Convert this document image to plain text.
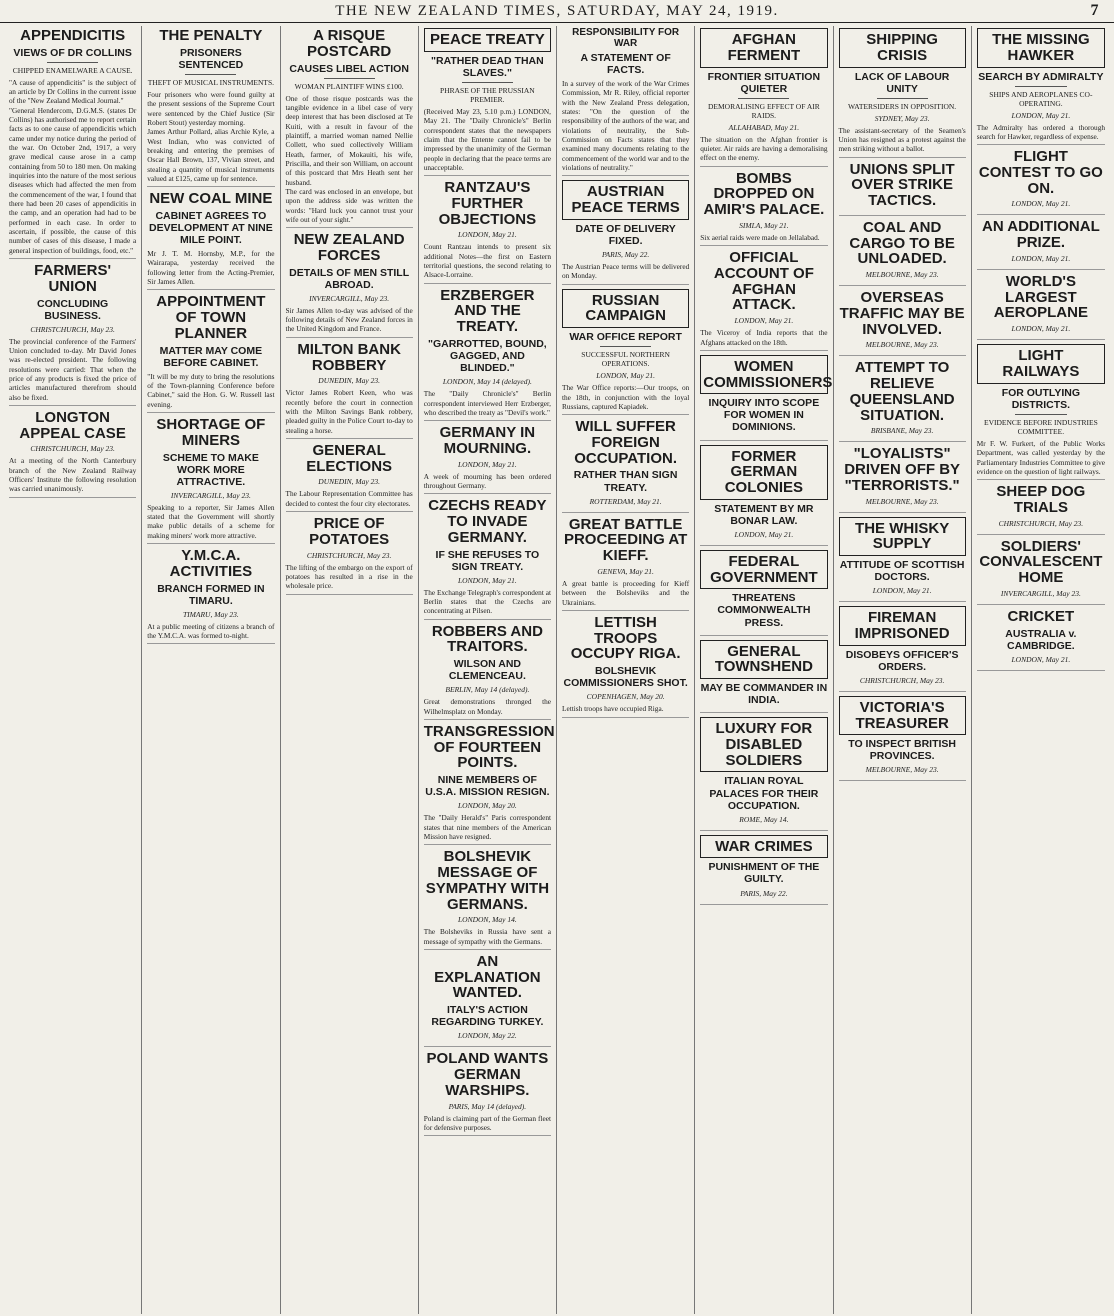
THE NEW ZEALAND TIMES, SATURDAY, MAY 24, 1919.	7
APPENDICITIS
VIEWS OF DR COLLINS
CHIPPED ENAMELWARE A CAUSE.

"A cause of appendicitis" is the subject of an article by Dr Collins in the current issue of the "New Zealand Medical Journal."

"General Hendercom, D.G.M.S. (states Dr Collins) has authorised me to report certain facts as to one cause of appendicitis which came under my notice during the period of the war. On October 2nd, 1917, a very grave medical cause arose in a camp containing from 50 to 180 men. On making inquiries into the nature of the most serious diseases which had affected the men from the commencement of the war, I found that there had been 20 cases of appendicitis in the camp, and an operation had had to be performed in each case. In order to ascertain, if possible, the cause of this number of cases of this disease, I made a general inspection of buildings, food, etc."

FARMERS' UNION
CONCLUDING BUSINESS.
CHRISTCHURCH, May 23.

The provincial conference of the Farmers' Union concluded to-day. Mr David Jones was re-elected president. The following resolutions were carried: That when the price of any products is fixed the price of articles manufactured therefrom should also be fixed.

LONGTON APPEAL CASE
CHRISTCHURCH, May 23.

At a meeting of the North Canterbury branch of the New Zealand Railway Officers' Institute the following resolution was carried unanimously.

THE PENALTY
PRISONERS SENTENCED
THEFT OF MUSICAL INSTRUMENTS.

Four prisoners who were found guilty at the present sessions of the Supreme Court were sentenced by the Chief Justice (Sir Robert Stout) yesterday morning.

James Arthur Pollard, alias Archie Kyle, a West Indian, who was convicted of breaking and entering the premises of Oscar Hall Brown, 137, Vivian street, and stealing a quantity of musical instruments valued at £125, came up for sentence.

NEW COAL MINE
CABINET AGREES TO DEVELOPMENT AT NINE MILE POINT.

Mr J. T. M. Hornsby, M.P., for the Wairarapa, yesterday received the following letter from the Acting-Premier, Sir James Allen.

APPOINTMENT OF TOWN PLANNER
MATTER MAY COME BEFORE CABINET.

"It will be my duty to bring the resolutions of the Town-planning Conference before Cabinet," said the Hon. G. W. Russell last evening.

SHORTAGE OF MINERS
SCHEME TO MAKE WORK MORE ATTRACTIVE.
INVERCARGILL, May 23.

Speaking to a reporter, Sir James Allen stated that the Government will shortly make public details of a scheme for making miners' work more attractive.

Y.M.C.A. ACTIVITIES
BRANCH FORMED IN TIMARU.
TIMARU, May 23.

At a public meeting of citizens a branch of the Y.M.C.A. was formed to-night.

A RISQUE POSTCARD
CAUSES LIBEL ACTION
WOMAN PLAINTIFF WINS £100.

One of those risque postcards was the tangible evidence in a libel case of very deep interest that has been disclosed at Te Kuiti, with a result in favour of the plaintiff, a married woman named Nellie Collett, who sued collectively William Heath, farmer, of Mokauiti, his wife, Priscilla, and their son William, on account of this postcard that Mrs Heath sent her husband.

The card was enclosed in an envelope, but upon the address side was written the words: "Hard luck you cannot trust your wife out of your sight."

NEW ZEALAND FORCES
DETAILS OF MEN STILL ABROAD.
INVERCARGILL, May 23.

Sir James Allen to-day was advised of the following details of New Zealand forces in the United Kingdom and France.

MILTON BANK ROBBERY
DUNEDIN, May 23.

Victor James Robert Keen, who was recently before the court in connection with the Milton Savings Bank robbery, pleaded guilty in the Police Court to-day to stealing a horse.

GENERAL ELECTIONS
DUNEDIN, May 23.

The Labour Representation Committee has decided to contest the four city electorates.

PRICE OF POTATOES
CHRISTCHURCH, May 23.

The lifting of the embargo on the export of potatoes has resulted in a rise in the wholesale price.

PEACE TREATY
"RATHER DEAD THAN SLAVES."
PHRASE OF THE PRUSSIAN PREMIER.

(Received May 23, 5.10 p.m.) LONDON, May 21. The "Daily Chronicle's" Berlin correspondent states that the newspapers claim that the Entente cannot fail to be impressed by the unanimity of the German people in declaring that the peace terms are unacceptable.

RANTZAU'S FURTHER OBJECTIONS
LONDON, May 21.

Count Rantzau intends to present six additional Notes—the first on Eastern territorial questions, the second relating to Alsace-Lorraine.

ERZBERGER AND THE TREATY.
"GARROTTED, BOUND, GAGGED, AND BLINDED."
LONDON, May 14 (delayed).

The "Daily Chronicle's" Berlin correspondent interviewed Herr Erzberger, who described the treaty as "Devil's work."

GERMANY IN MOURNING.
LONDON, May 21.

A week of mourning has been ordered throughout Germany.

CZECHS READY TO INVADE GERMANY.
IF SHE REFUSES TO SIGN TREATY.
LONDON, May 21.

The Exchange Telegraph's correspondent at Berlin states that the Czechs are concentrating at Pilsen.

ROBBERS AND TRAITORS.
WILSON AND CLEMENCEAU.
BERLIN, May 14 (delayed).

Great demonstrations thronged the Wilhelmsplatz on Monday.

TRANSGRESSION OF FOURTEEN POINTS.
NINE MEMBERS OF U.S.A. MISSION RESIGN.
LONDON, May 20.

The "Daily Herald's" Paris correspondent states that nine members of the American Mission have resigned.

BOLSHEVIK MESSAGE OF SYMPATHY WITH GERMANS.
LONDON, May 14.

The Bolsheviks in Russia have sent a message of sympathy with the Germans.

AN EXPLANATION WANTED.
ITALY'S ACTION REGARDING TURKEY.
LONDON, May 22.
POLAND WANTS GERMAN WARSHIPS.
PARIS, May 14 (delayed).

Poland is claiming part of the German fleet for defensive purposes.

RESPONSIBILITY FOR WAR
A STATEMENT OF FACTS.

In a survey of the work of the War Crimes Commission, Mr R. Riley, official reporter with the New Zealand Press delegation, states: "On the question of the responsibility of the authors of the war, and violations of neutrality, the Sub-Commission on Facts states that they examined many documents relating to the commencement of the world war and to the violations of neutrality."

AUSTRIAN PEACE TERMS
DATE OF DELIVERY FIXED.
PARIS, May 22.

The Austrian Peace terms will be delivered on Monday.

RUSSIAN CAMPAIGN
WAR OFFICE REPORT
SUCCESSFUL NORTHERN OPERATIONS.
LONDON, May 21.

The War Office reports:—Our troops, on the 18th, in conjunction with the loyal Russians, captured Kapiadek.

WILL SUFFER FOREIGN OCCUPATION.
RATHER THAN SIGN TREATY.
ROTTERDAM, May 21.
GREAT BATTLE PROCEEDING AT KIEFF.
GENEVA, May 21.

A great battle is proceeding for Kieff between the Bolsheviks and the Ukrainians.

LETTISH TROOPS OCCUPY RIGA.
BOLSHEVIK COMMISSIONERS SHOT.
COPENHAGEN, May 20.

Lettish troops have occupied Riga.

AFGHAN FERMENT
FRONTIER SITUATION QUIETER
DEMORALISING EFFECT OF AIR RAIDS.
ALLAHABAD, May 21.

The situation on the Afghan frontier is quieter. Air raids are having a demoralising effect on the enemy.

BOMBS DROPPED ON AMIR'S PALACE.
SIMLA, May 21.

Six aerial raids were made on Jellalabad.

OFFICIAL ACCOUNT OF AFGHAN ATTACK.
LONDON, May 21.

The Viceroy of India reports that the Afghans attacked on the 18th.

WOMEN COMMISSIONERS
INQUIRY INTO SCOPE FOR WOMEN IN DOMINIONS.
FORMER GERMAN COLONIES
STATEMENT BY MR BONAR LAW.
LONDON, May 21.
FEDERAL GOVERNMENT
THREATENS COMMONWEALTH PRESS.
GENERAL TOWNSHEND
MAY BE COMMANDER IN INDIA.
LUXURY FOR DISABLED SOLDIERS
ITALIAN ROYAL PALACES FOR THEIR OCCUPATION.
ROME, May 14.
WAR CRIMES
PUNISHMENT OF THE GUILTY.
PARIS, May 22.
SHIPPING CRISIS
LACK OF LABOUR UNITY
WATERSIDERS IN OPPOSITION.
SYDNEY, May 23.

The assistant-secretary of the Seamen's Union has resigned as a protest against the men striking without a ballot.

UNIONS SPLIT OVER STRIKE TACTICS.
COAL AND CARGO TO BE UNLOADED.
MELBOURNE, May 23.
OVERSEAS TRAFFIC MAY BE INVOLVED.
MELBOURNE, May 23.
ATTEMPT TO RELIEVE QUEENSLAND SITUATION.
BRISBANE, May 23.
"LOYALISTS" DRIVEN OFF BY "TERRORISTS."
MELBOURNE, May 23.
THE WHISKY SUPPLY
ATTITUDE OF SCOTTISH DOCTORS.
LONDON, May 21.
FIREMAN IMPRISONED
DISOBEYS OFFICER'S ORDERS.
CHRISTCHURCH, May 23.
VICTORIA'S TREASURER
TO INSPECT BRITISH PROVINCES.
MELBOURNE, May 23.
THE MISSING HAWKER
SEARCH BY ADMIRALTY
SHIPS AND AEROPLANES CO-OPERATING.
LONDON, May 21.

The Admiralty has ordered a thorough search for Hawker, regardless of expense.

FLIGHT CONTEST TO GO ON.
LONDON, May 21.
AN ADDITIONAL PRIZE.
LONDON, May 21.
WORLD'S LARGEST AEROPLANE
LONDON, May 21.
LIGHT RAILWAYS
FOR OUTLYING DISTRICTS.
EVIDENCE BEFORE INDUSTRIES COMMITTEE.

Mr F. W. Furkert, of the Public Works Department, was called yesterday by the Parliamentary Industries Committee to give evidence on the question of light railways.

SHEEP DOG TRIALS
CHRISTCHURCH, May 23.
SOLDIERS' CONVALESCENT HOME
INVERCARGILL, May 23.
CRICKET
AUSTRALIA v. CAMBRIDGE.
LONDON, May 21.
